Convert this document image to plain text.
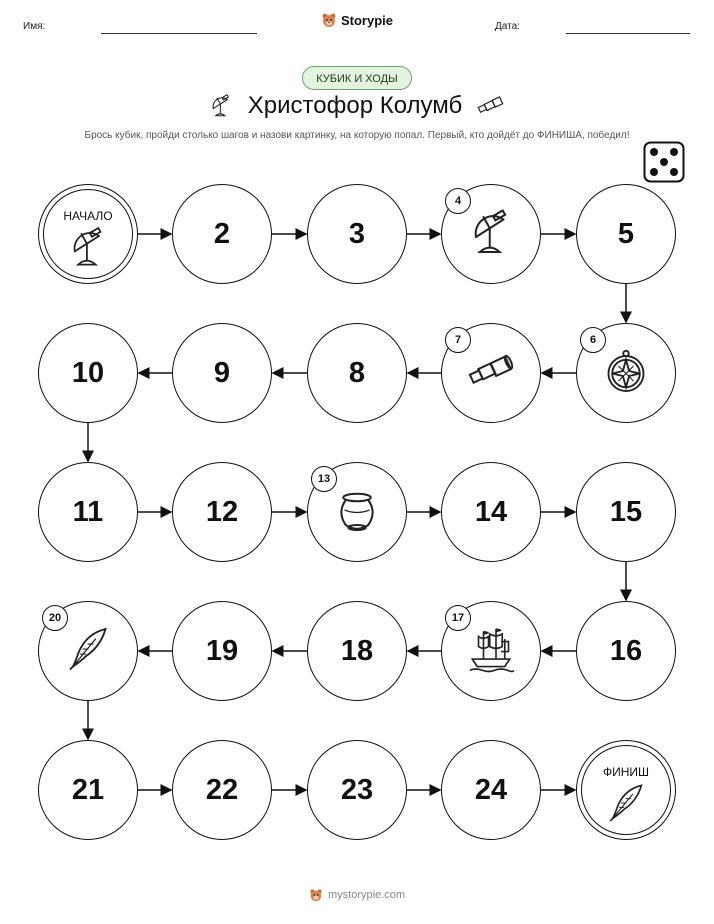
Имя:	Дата:
Storypie
КУБИК И ХОДЫ
Христофор Колумб
Брось кубик, пройди столько шагов и назови картинку, на которую попал. Первый, кто дойдёт до ФИНИША, победил!
НАЧАЛО
2	3
4
5
6
7
8
9
10
11	12
13
14	15
16
17
18
19
20
21	22	23	24
ФИНИШ
mystorypie.com
